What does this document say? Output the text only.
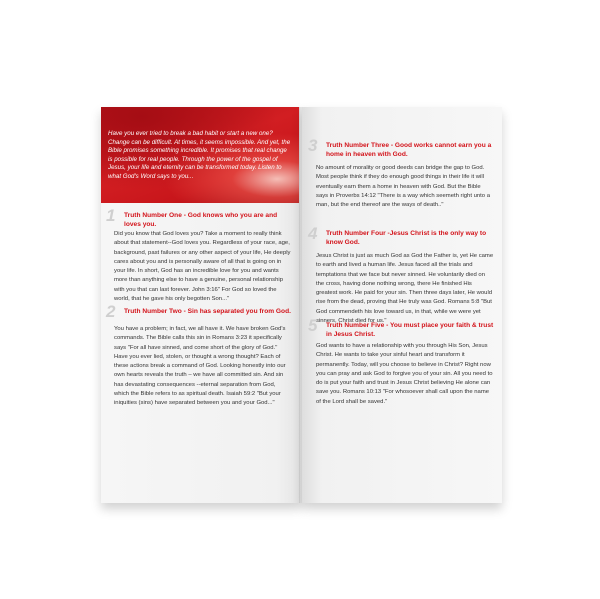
Have you ever tried to break a bad habit or start a new one? Change can be difficult. At times, it seems impossible. And yet, the Bible promises something incredible. It promises that real change is possible for real people. Through the power of the gospel of Jesus, your life and eternity can be transformed today. Listen to what God's Word says to you...
1 Truth Number One - God knows who you are and loves you.
Did you know that God loves you? Take a moment to really think about that statement--God loves you. Regardless of your race, age, background, past failures or any other aspect of your life, He deeply cares about you and is personally aware of all that is going on in your life. In short, God has an incredible love for you and wants more than anything else to have a genuine, personal relationship with you that can last forever. John 3:16" For God so loved the world, that he gave his only begotten Son..."
2 Truth Number Two - Sin has separated you from God.
You have a problem; in fact, we all have it. We have broken God's commands. The Bible calls this sin in Romans 3:23 it specifically says "For all have sinned, and come short of the glory of God." Have you ever lied, stolen, or thought a wrong thought? Each of these actions break a command of God. Looking honestly into our own hearts reveals the truth – we have all committed sin. And sin has devastating consequences --eternal separation from God, which the Bible refers to as spiritual death. Isaiah 59:2 "But your iniquities (sins) have separated between you and your God..."
3 Truth Number Three - Good works cannot earn you a home in heaven with God.
No amount of morality or good deeds can bridge the gap to God. Most people think if they do enough good things in their life it will eventually earn them a home in heaven with God. But the Bible says in Proverbs 14:12 "There is a way which seemeth right unto a man, but the end thereof are the ways of death.."
4 Truth Number Four -Jesus Christ is the only way to know God.
Jesus Christ is just as much God as God the Father is, yet He came to earth and lived a human life. Jesus faced all the trials and temptations that we face but never sinned. He voluntarily died on the cross, having done nothing wrong, there He finished His greatest work. He paid for your sin. Then three days later, He would rise from the dead, proving that He truly was God. Romans 5:8 "But God commendeth his love toward us, in that, while we were yet sinners, Christ died for us."
5 Truth Number Five - You must place your faith & trust in Jesus Christ.
God wants to have a relationship with you through His Son, Jesus Christ. He wants to take your sinful heart and transform it permanently. Today, will you choose to believe in Christ? Right now you can pray and ask God to forgive you of your sin. All you need to do is put your faith and trust in Jesus Christ believing He alone can save you. Romans 10:13 "For whosoever shall call upon the name of the Lord shall be saved."
